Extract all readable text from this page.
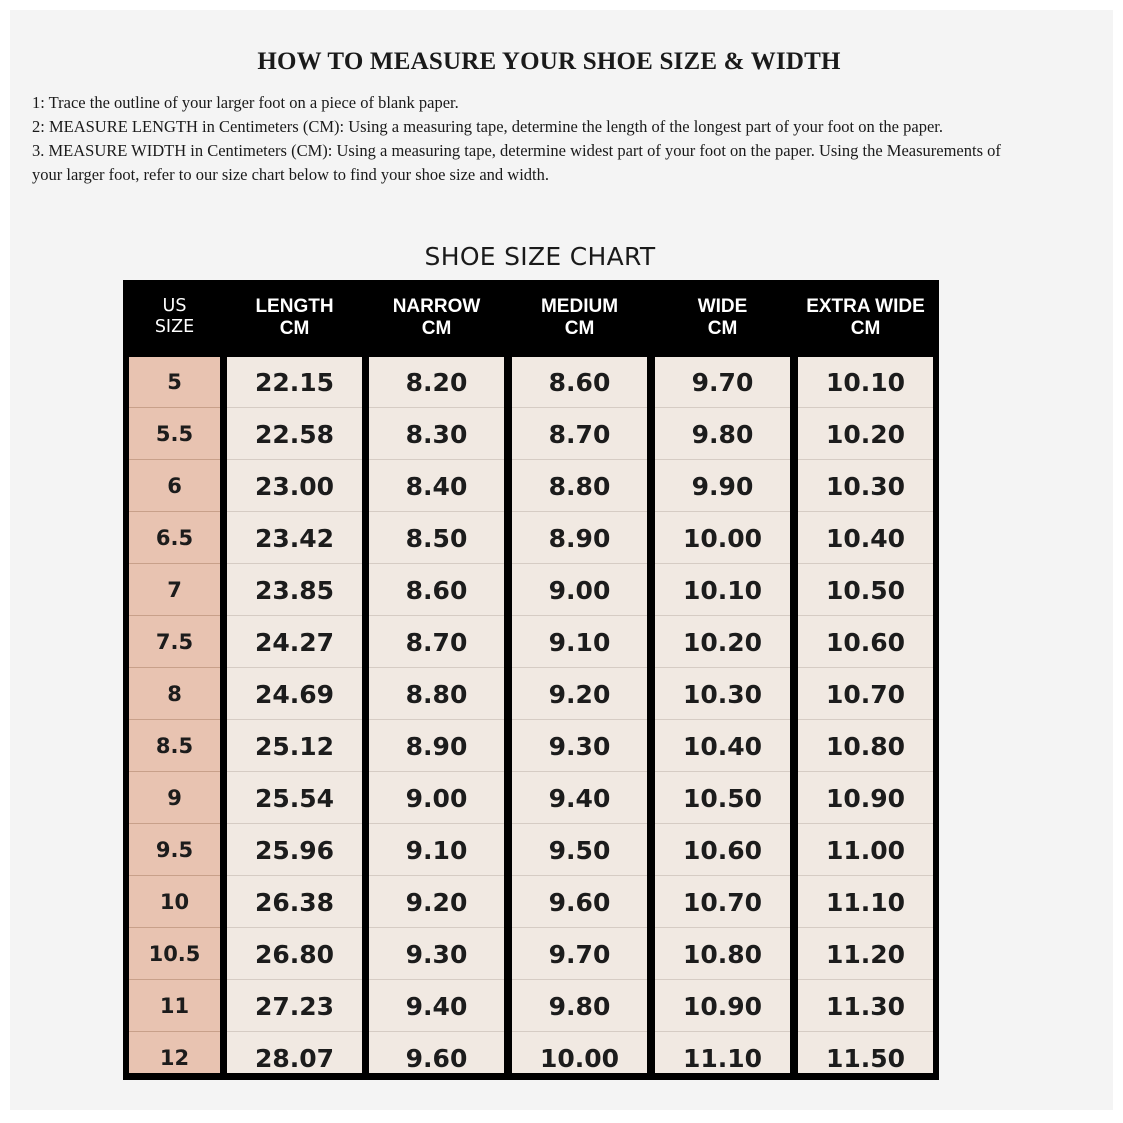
HOW TO MEASURE YOUR SHOE SIZE & WIDTH

1: Trace the outline of your larger foot on a piece of blank paper.

2: MEASURE LENGTH in Centimeters (CM): Using a measuring tape, determine the length of the longest part of your foot on the paper.

3. MEASURE WIDTH in Centimeters (CM): Using a measuring tape, determine widest part of your foot on the paper. Using the Measurements of your larger foot, refer to our size chart below to find your shoe size and width.

SHOE SIZE CHART
US
SIZE
LENGTH
CM
NARROW
CM
MEDIUM
CM
WIDE
CM
EXTRA WIDE
CM
5
5.5
6
6.5
7
7.5
8
8.5
9
9.5
10
10.5
11
12
22.15
22.58
23.00
23.42
23.85
24.27
24.69
25.12
25.54
25.96
26.38
26.80
27.23
28.07
8.20
8.30
8.40
8.50
8.60
8.70
8.80
8.90
9.00
9.10
9.20
9.30
9.40
9.60
8.60
8.70
8.80
8.90
9.00
9.10
9.20
9.30
9.40
9.50
9.60
9.70
9.80
10.00
9.70
9.80
9.90
10.00
10.10
10.20
10.30
10.40
10.50
10.60
10.70
10.80
10.90
11.10
10.10
10.20
10.30
10.40
10.50
10.60
10.70
10.80
10.90
11.00
11.10
11.20
11.30
11.50
